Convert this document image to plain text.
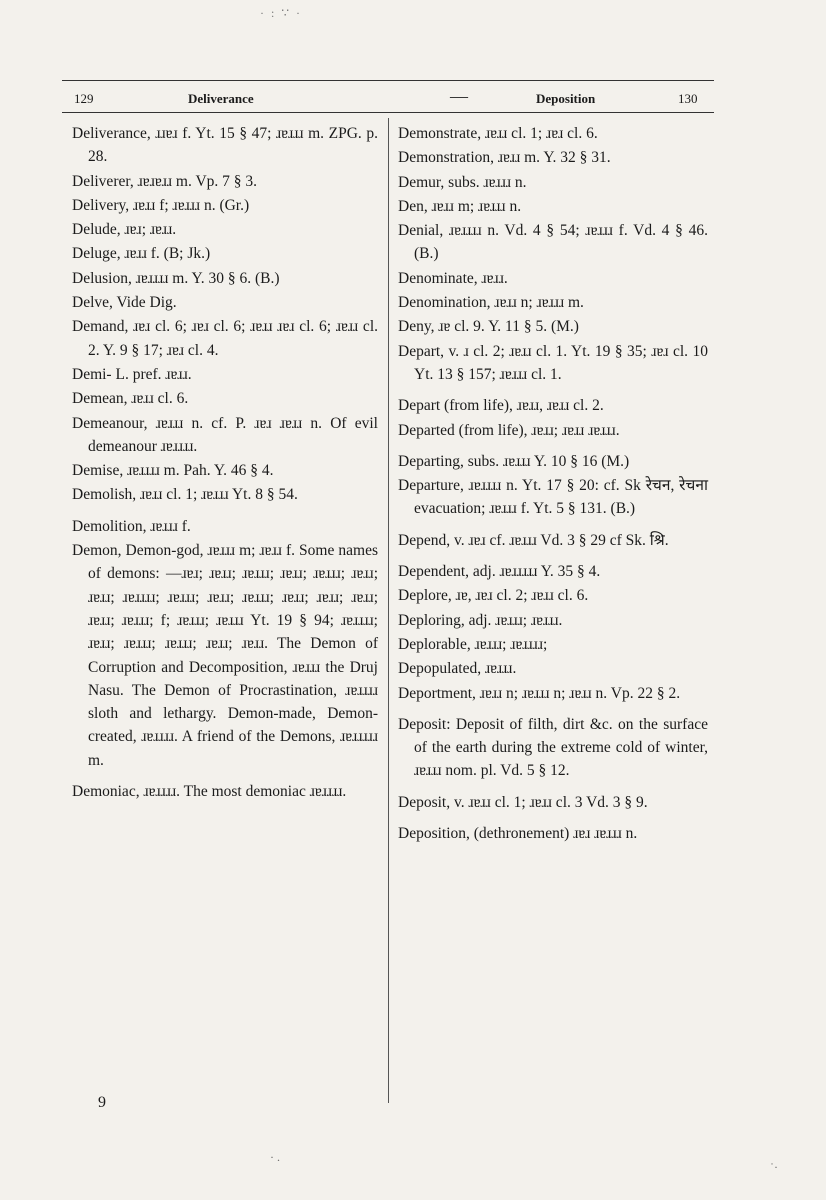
· : ∵ ·
129	Deliverance	—	Deposition	130
Deliverance, ɹɹɐɹ f. Yt. 15 § 47; ɹɐɹɹɹ m. ZPG. p. 28.
Deliverer, ɹɐɹɐɹɹ m. Vp. 7 § 3.
Delivery, ɹɐɹɹ f; ɹɐɹɹɹ n. (Gr.)
Delude, ɹɐɹ; ɹɐɹɹ.
Deluge, ɹɐɹɹ f. (B; Jk.)
Delusion, ɹɐɹɹɹɹ m. Y. 30 § 6. (B.)
Delve, Vide Dig.
Demand, ɹɐɹ cl. 6; ɹɐɹ cl. 6; ɹɐɹɹ ɹɐɹ cl. 6; ɹɐɹɹ cl. 2. Y. 9 § 17; ɹɐɹ cl. 4.
Demi- L. pref. ɹɐɹɹ.
Demean, ɹɐɹɹ cl. 6.
Demeanour, ɹɐɹɹɹ n. cf. P. ɹɐɹ ɹɐɹɹ n. Of evil demeanour ɹɐɹɹɹɹ.
Demise, ɹɐɹɹɹɹ m. Pah. Y. 46 § 4.
Demolish, ɹɐɹɹ cl. 1; ɹɐɹɹɹ Yt. 8 § 54.
Demolition, ɹɐɹɹɹ f.
Demon, Demon-god, ɹɐɹɹɹ m; ɹɐɹɹ f. Some names of demons: —ɹɐɹ; ɹɐɹɹ; ɹɐɹɹɹ; ɹɐɹɹ; ɹɐɹɹɹ; ɹɐɹɹ; ɹɐɹɹ; ɹɐɹɹɹɹ; ɹɐɹɹɹ; ɹɐɹɹ; ɹɐɹɹɹ; ɹɐɹɹ; ɹɐɹɹ; ɹɐɹɹ; ɹɐɹɹ; ɹɐɹɹɹ; f; ɹɐɹɹɹ; ɹɐɹɹɹ Yt. 19 § 94; ɹɐɹɹɹɹ; ɹɐɹɹ; ɹɐɹɹɹ; ɹɐɹɹɹ; ɹɐɹɹ; ɹɐɹɹ. The Demon of Corruption and Decomposition, ɹɐɹɹɹ the Druj Nasu. The Demon of Procrastination, ɹɐɹɹɹɹ sloth and lethargy. Demon-made, Demon-created, ɹɐɹɹɹɹ. A friend of the Demons, ɹɐɹɹɹɹɹ m.
Demoniac, ɹɐɹɹɹɹ. The most demoniac ɹɐɹɹɹɹ.
Demonstrate, ɹɐɹɹ cl. 1; ɹɐɹ cl. 6.
Demonstration, ɹɐɹɹ m. Y. 32 § 31.
Demur, subs. ɹɐɹɹɹ n.
Den, ɹɐɹɹ m; ɹɐɹɹɹ n.
Denial, ɹɐɹɹɹɹ n. Vd. 4 § 54; ɹɐɹɹɹ f. Vd. 4 § 46. (B.)
Denominate, ɹɐɹɹ.
Denomination, ɹɐɹɹ n; ɹɐɹɹɹ m.
Deny, ɹɐ cl. 9. Y. 11 § 5. (M.)
Depart, v. ɹ cl. 2; ɹɐɹɹ cl. 1. Yt. 19 § 35; ɹɐɹ cl. 10 Yt. 13 § 157; ɹɐɹɹɹ cl. 1.
Depart (from life), ɹɐɹɹ, ɹɐɹɹ cl. 2.
Departed (from life), ɹɐɹɹ; ɹɐɹɹ ɹɐɹɹɹ.
Departing, subs. ɹɐɹɹɹ Y. 10 § 16 (M.)
Departure, ɹɐɹɹɹɹ n. Yt. 17 § 20: cf. Sk रेचन, रेचना evacuation; ɹɐɹɹɹ f. Yt. 5 § 131. (B.)
Depend, v. ɹɐɹ cf. ɹɐɹɹɹ Vd. 3 § 29 cf Sk. श्रि.
Dependent, adj. ɹɐɹɹɹɹɹ Y. 35 § 4.
Deplore, ɹɐ, ɹɐɹ cl. 2; ɹɐɹɹ cl. 6.
Deploring, adj. ɹɐɹɹɹ; ɹɐɹɹɹ.
Deplorable, ɹɐɹɹɹ; ɹɐɹɹɹɹ;
Depopulated, ɹɐɹɹɹ.
Deportment, ɹɐɹɹ n; ɹɐɹɹɹ n; ɹɐɹɹ n. Vp. 22 § 2.
Deposit: Deposit of filth, dirt &c. on the surface of the earth during the extreme cold of winter, ɹɐɹɹɹ nom. pl. Vd. 5 § 12.
Deposit, v. ɹɐɹɹ cl. 1; ɹɐɹɹ cl. 3 Vd. 3 § 9.
Deposition, (dethronement) ɹɐɹ ɹɐɹɹɹ n.
9
· .
˙·
